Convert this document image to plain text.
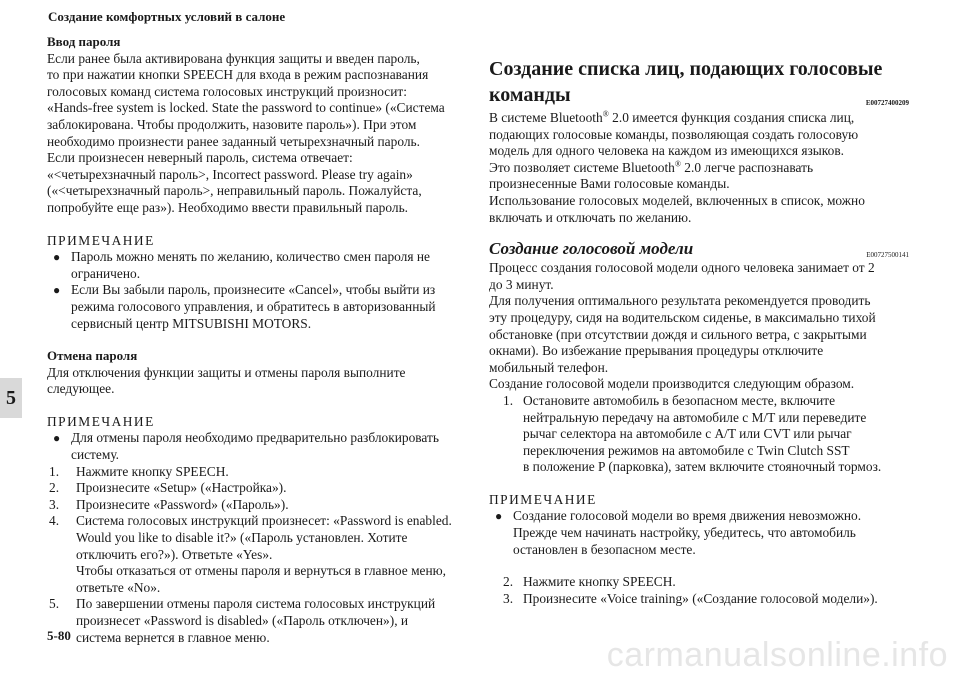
Создание комфортных условий в салоне
5
5-80
carmanualsonline.info
Ввод пароля
Если ранее была активирована функция защиты и введен пароль,
то при нажатии кнопки SPEECH для входа в режим распознавания
голосовых команд система голосовых инструкций произносит:
«Hands-free system is locked. State the password to continue» («Система
заблокирована. Чтобы продолжить, назовите пароль»). При этом
необходимо произнести ранее заданный четырехзначный пароль.
Если произнесен неверный пароль, система отвечает:
«<четырехзначный пароль>, Incorrect password. Please try again»
(«<четырехзначный пароль>, неправильный пароль. Пожалуйста,
попробуйте еще раз»). Необходимо ввести правильный пароль.
ПРИМЕЧАНИЕ
● Пароль можно менять по желанию, количество смен пароля не
ограничено.
● Если Вы забыли пароль, произнесите «Cancel», чтобы выйти из
режима голосового управления, и обратитесь в авторизованный
сервисный центр MITSUBISHI MOTORS.
Отмена пароля
Для отключения функции защиты и отмены пароля выполните
следующее.
ПРИМЕЧАНИЕ
● Для отмены пароля необходимо предварительно разблокировать
систему.
1.	Нажмите кнопку SPEECH.
2.	Произнесите «Setup» («Настройка»).
3.	Произнесите «Password» («Пароль»).
4.	Система голосовых инструкций произнесет: «Password is enabled.
Would you like to disable it?» («Пароль установлен. Хотите
отключить его?»). Ответьте «Yes».
Чтобы отказаться от отмены пароля и вернуться в главное меню,
ответьте «No».
5.	По завершении отмены пароля система голосовых инструкций
произнесет «Password is disabled» («Пароль отключен»), и
система вернется в главное меню.
Создание списка лиц, подающих голосовые
команды	E00727400209
В системе Bluetooth® 2.0 имеется функция создания списка лиц,
подающих голосовые команды, позволяющая создать голосовую
модель для одного человека на каждом из имеющихся языков.
Это позволяет системе Bluetooth® 2.0 легче распознавать
произнесенные Вами голосовые команды.
Использование голосовых моделей, включенных в список, можно
включать и отключать по желанию.
Создание голосовой модели	E00727500141
Процесс создания голосовой модели одного человека занимает от 2
до 3 минут.
Для получения оптимального результата рекомендуется проводить
эту процедуру, сидя на водительском сиденье, в максимально тихой
обстановке (при отсутствии дождя и сильного ветра, с закрытыми
окнами). Во избежание прерывания процедуры отключите
мобильный телефон.
Создание голосовой модели производится следующим образом.
1. Остановите автомобиль в безопасном месте, включите
нейтральную передачу на автомобиле с M/T или переведите
рычаг селектора на автомобиле с A/T или CVT или рычаг
переключения режимов на автомобиле с Twin Clutch SST
в положение P (парковка), затем включите стояночный тормоз.
ПРИМЕЧАНИЕ
● Создание голосовой модели во время движения невозможно.
Прежде чем начинать настройку, убедитесь, что автомобиль
остановлен в безопасном месте.
2. Нажмите кнопку SPEECH.
3. Произнесите «Voice training» («Создание голосовой модели»).
